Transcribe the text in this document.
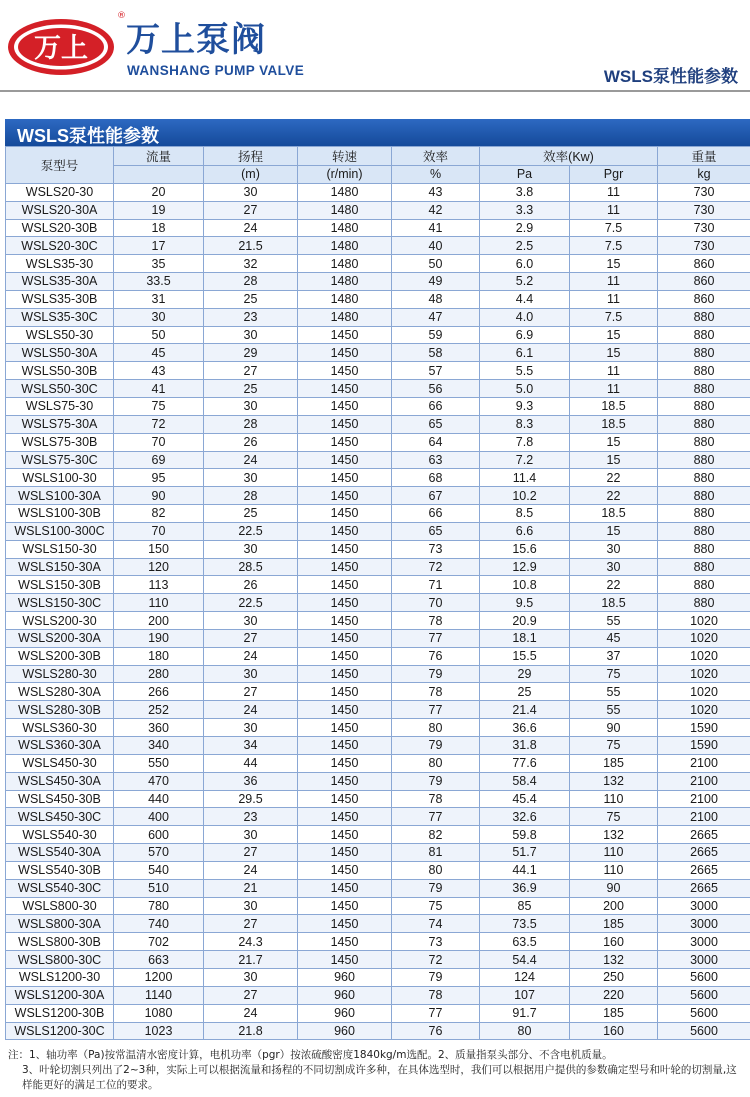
万上
®
万上泵阀
WANSHANG PUMP VALVE	WSLS泵性能参数
WSLS泵性能参数
泵型号	流量	扬程	转速	效率	效率(Kw)		重量
		(m)	(r/min)	%	Pa	Pgr	kg
WSLS20-30	20	30	1480	43	3.8	11	730
WSLS20-30A	19	27	1480	42	3.3	11	730
WSLS20-30B	18	24	1480	41	2.9	7.5	730
WSLS20-30C	17	21.5	1480	40	2.5	7.5	730
WSLS35-30	35	32	1480	50	6.0	15	860
WSLS35-30A	33.5	28	1480	49	5.2	11	860
WSLS35-30B	31	25	1480	48	4.4	11	860
WSLS35-30C	30	23	1480	47	4.0	7.5	880
WSLS50-30	50	30	1450	59	6.9	15	880
WSLS50-30A	45	29	1450	58	6.1	15	880
WSLS50-30B	43	27	1450	57	5.5	11	880
WSLS50-30C	41	25	1450	56	5.0	11	880
WSLS75-30	75	30	1450	66	9.3	18.5	880
WSLS75-30A	72	28	1450	65	8.3	18.5	880
WSLS75-30B	70	26	1450	64	7.8	15	880
WSLS75-30C	69	24	1450	63	7.2	15	880
WSLS100-30	95	30	1450	68	11.4	22	880
WSLS100-30A	90	28	1450	67	10.2	22	880
WSLS100-30B	82	25	1450	66	8.5	18.5	880
WSLS100-300C	70	22.5	1450	65	6.6	15	880
WSLS150-30	150	30	1450	73	15.6	30	880
WSLS150-30A	120	28.5	1450	72	12.9	30	880
WSLS150-30B	113	26	1450	71	10.8	22	880
WSLS150-30C	110	22.5	1450	70	9.5	18.5	880
WSLS200-30	200	30	1450	78	20.9	55	1020
WSLS200-30A	190	27	1450	77	18.1	45	1020
WSLS200-30B	180	24	1450	76	15.5	37	1020
WSLS280-30	280	30	1450	79	29	75	1020
WSLS280-30A	266	27	1450	78	25	55	1020
WSLS280-30B	252	24	1450	77	21.4	55	1020
WSLS360-30	360	30	1450	80	36.6	90	1590
WSLS360-30A	340	34	1450	79	31.8	75	1590
WSLS450-30	550	44	1450	80	77.6	185	2100
WSLS450-30A	470	36	1450	79	58.4	132	2100
WSLS450-30B	440	29.5	1450	78	45.4	110	2100
WSLS450-30C	400	23	1450	77	32.6	75	2100
WSLS540-30	600	30	1450	82	59.8	132	2665
WSLS540-30A	570	27	1450	81	51.7	110	2665
WSLS540-30B	540	24	1450	80	44.1	110	2665
WSLS540-30C	510	21	1450	79	36.9	90	2665
WSLS800-30	780	30	1450	75	85	200	3000
WSLS800-30A	740	27	1450	74	73.5	185	3000
WSLS800-30B	702	24.3	1450	73	63.5	160	3000
WSLS800-30C	663	21.7	1450	72	54.4	132	3000
WSLS1200-30	1200	30	960	79	124	250	5600
WSLS1200-30A	1140	27	960	78	107	220	5600
WSLS1200-30B	1080	24	960	77	91.7	185	5600
WSLS1200-30C	1023	21.8	960	76	80	160	5600

注：1、轴功率（Pa)按常温清水密度计算，电机功率（pgr）按浓硫酸密度1840kg/m选配。2、质量指泵头部分、不含电机质量。

3、叶轮切割只列出了2~3种，实际上可以根据流量和扬程的不同切割成许多种，在具体选型时，我们可以根据用户提供的参数确定型号和叶轮的切割量,这样能更好的满足工位的要求。
